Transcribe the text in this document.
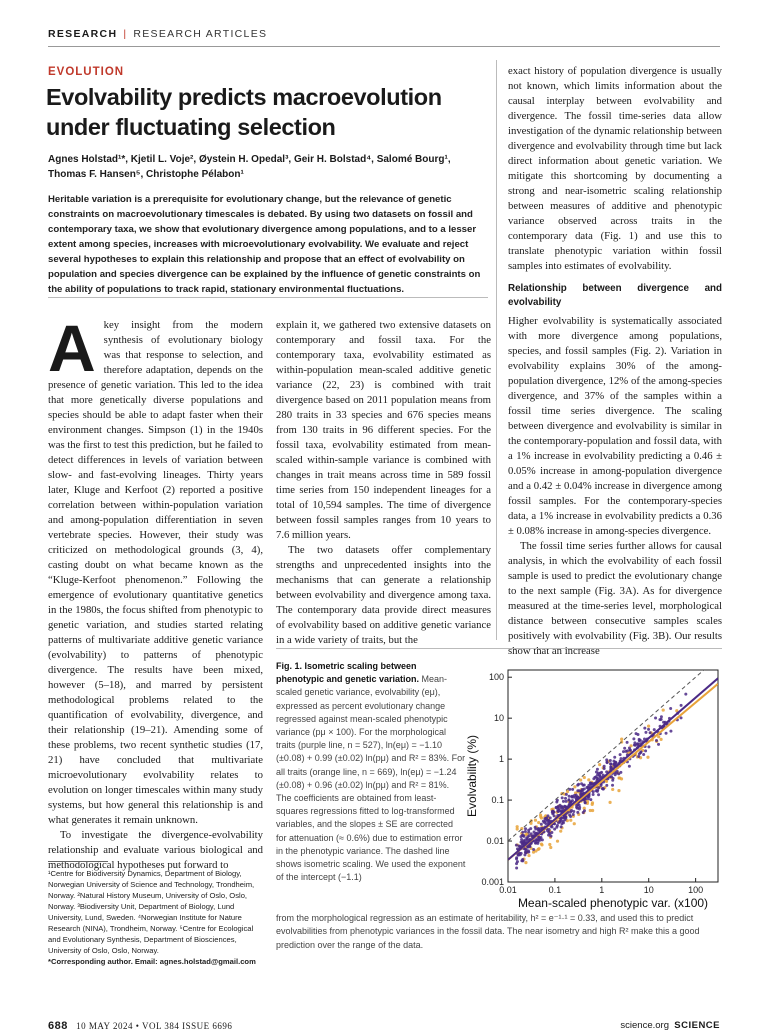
RESEARCH | RESEARCH ARTICLES
EVOLUTION
Evolvability predicts macroevolution under fluctuating selection
Agnes Holstad¹*, Kjetil L. Voje², Øystein H. Opedal³, Geir H. Bolstad⁴, Salomé Bourg¹,
Thomas F. Hansen⁵, Christophe Pélabon¹
Heritable variation is a prerequisite for evolutionary change, but the relevance of genetic constraints on macroevolutionary timescales is debated. By using two datasets on fossil and contemporary taxa, we show that evolutionary divergence among populations, and to a lesser extent among species, increases with microevolutionary evolvability. We evaluate and reject several hypotheses to explain this relationship and propose that an effect of evolvability on population and species divergence can be explained by the influence of genetic constraints on the ability of populations to track rapid, stationary environmental fluctuations.

Akey insight from the modern synthesis of evolutionary biology was that response to selection, and therefore adaptation, depends on the presence of genetic variation. This led to the idea that more genetically diverse populations and species should be able to adapt faster when their environment changes. Simpson (1) in the 1940s was the first to test this prediction, but he failed to detect differences in levels of variation between slow- and fast-evolving lineages. Thirty years later, Kluge and Kerfoot (2) reported a positive correlation between within-population variation and among-population differentiation in seven vertebrate species. However, their study was criticized on methodological grounds (3, 4), casting doubt on what became known as the “Kluge-Kerfoot phenomenon.” Following the emergence of evolutionary quantitative genetics in the 1980s, the focus shifted from phenotypic to genetic variation, and studies started relating patterns of multivariate additive genetic variance (evolvability) to patterns of phenotypic divergence. The results have been mixed, however (5–18), and marred by persistent methodological problems related to the quantification of evolvability, divergence, and their relationship (19–21). Amending some of these problems, two recent synthetic studies (17, 21) have concluded that multivariate microevolutionary evolvability relates to evolution on longer timescales within many study systems, but how general this relationship is and what generates it remain unknown.

To investigate the divergence-evolvability relationship and evaluate various biological and methodological hypotheses put forward to

explain it, we gathered two extensive datasets on contemporary and fossil taxa. For the contemporary taxa, evolvability estimated as within-population mean-scaled additive genetic variance (22, 23) is combined with trait divergence based on 2011 population means from 280 traits in 33 species and 676 species means from 130 traits in 96 different species. For the fossil taxa, evolvability estimated from mean-scaled within-sample variance is combined with changes in trait means across time in 589 fossil time series from 150 independent lineages for a total of 10,594 samples. The time of divergence between fossil samples ranges from 10 years to 7.6 million years.

The two datasets offer complementary strengths and unprecedented insights into the mechanisms that can generate a relationship between evolvability and divergence among taxa. The contemporary data provide direct measures of evolvability based on additive genetic variance in a wide variety of traits, but the

exact history of population divergence is usually not known, which limits information about the causal interplay between evolvability and divergence. The fossil time-series data allow investigation of the dynamic relationship between divergence and evolvability through time but lack direct information about genetic variation. We mitigate this shortcoming by documenting a strong and near-isometric scaling relationship between measures of additive and phenotypic variance observed across traits in the contemporary data (Fig. 1) and use this to translate phenotypic variation within fossil samples into estimates of evolvability.

Relationship between divergence and evolvability

Higher evolvability is systematically associated with more divergence among populations, species, and fossil samples (Fig. 2). Variation in evolvability explains 30% of the among-population divergence, 12% of the among-species divergence, and 37% of the samples within a fossil time series divergence. The scaling between divergence and evolvability is similar in the contemporary-population and fossil data, with a 1% increase in evolvability predicting a 0.46 ± 0.05% increase in among-population divergence and a 0.42 ± 0.04% increase in divergence among fossil samples. For the contemporary-species data, a 1% increase in evolvability predicts a 0.36 ± 0.08% increase in among-species divergence.

The fossil time series further allows for causal analysis, in which the evolvability of each fossil sample is used to predict the evolutionary change to the next sample (Fig. 3A). As for divergence measured at the time-series level, morphological distance between consecutive samples scales positively with evolvability (Fig. 3B). Our results show that an increase

¹Centre for Biodiversity Dynamics, Department of Biology, Norwegian University of Science and Technology, Trondheim, Norway. ²Natural History Museum, University of Oslo, Oslo, Norway. ³Biodiversity Unit, Department of Biology, Lund University, Lund, Sweden. ⁴Norwegian Institute for Nature Research (NINA), Trondheim, Norway. ⁵Centre for Ecological and Evolutionary Synthesis, Department of Biosciences, University of Oslo, Oslo, Norway.
*Corresponding author. Email: agnes.holstad@gmail.com
Fig. 1. Isometric scaling between phenotypic and genetic variation. Mean-scaled genetic variance, evolvability (eμ), expressed as percent evolutionary change regressed against mean-scaled phenotypic variance (pμ × 100). For the morphological traits (purple line, n = 527), ln(eμ) = −1.10 (±0.08) + 0.99 (±0.02) ln(pμ) and R² = 83%. For all traits (orange line, n = 669), ln(eμ) = −1.24 (±0.08) + 0.96 (±0.02) ln(pμ) and R² = 81%. The coefficients are obtained from least-squares regressions fitted to log-transformed variables, and the slopes ± SE are corrected for attenuation (≈ 0.6%) due to estimation error in the phenotypic variance. The dashed line shows isometric scaling. We used the exponent of the intercept (−1.1)
from the morphological regression as an estimate of heritability, h² = e⁻¹·¹ = 0.33, and used this to predict evolvabilities from phenotypic variances in the fossil data. The near isometry and high R² make this a good prediction over the range of the data.
0.01	0.1	1	10	100
0.001
0.01
0.1
1
10
100
Mean-scaled phenotypic var. (x100)
Evolvability (%)
688 10 MAY 2024 • VOL 384 ISSUE 6696	science.org SCIENCE
